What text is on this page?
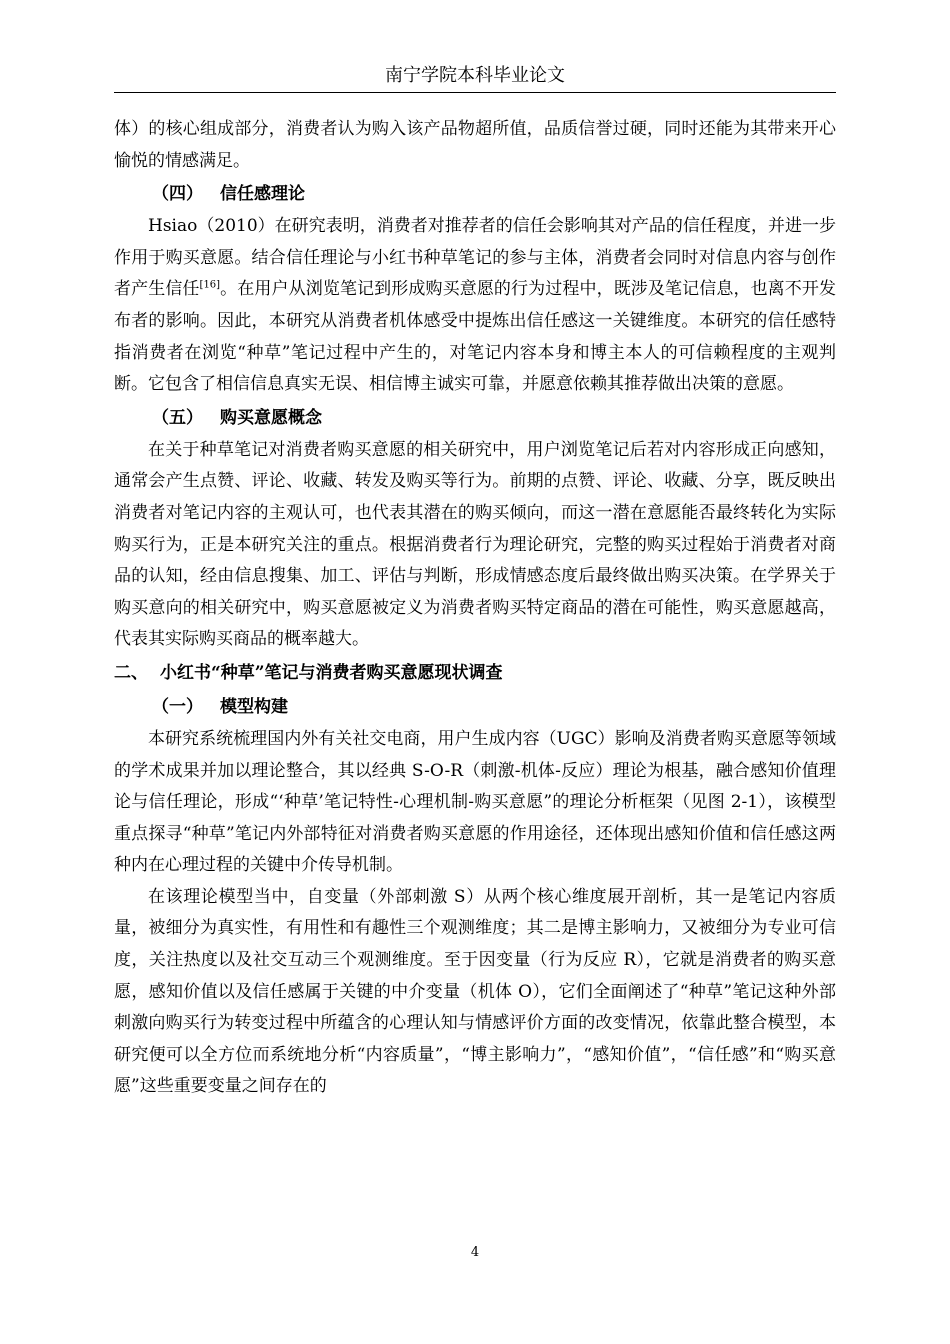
南宁学院本科毕业论文

体）的核心组成部分，消费者认为购入该产品物超所值，品质信誉过硬，同时还能为其带来开心愉悦的情感满足。

（四） 信任感理论

Hsiao（2010）在研究表明，消费者对推荐者的信任会影响其对产品的信任程度，并进一步作用于购买意愿。结合信任理论与小红书种草笔记的参与主体，消费者会同时对信息内容与创作者产生信任[16]。在用户从浏览笔记到形成购买意愿的行为过程中，既涉及笔记信息，也离不开发布者的影响。因此，本研究从消费者机体感受中提炼出信任感这一关键维度。本研究的信任感特指消费者在浏览“种草”笔记过程中产生的，对笔记内容本身和博主本人的可信赖程度的主观判断。它包含了相信信息真实无误、相信博主诚实可靠，并愿意依赖其推荐做出决策的意愿。

（五） 购买意愿概念

在关于种草笔记对消费者购买意愿的相关研究中，用户浏览笔记后若对内容形成正向感知，通常会产生点赞、评论、收藏、转发及购买等行为。前期的点赞、评论、收藏、分享，既反映出消费者对笔记内容的主观认可，也代表其潜在的购买倾向，而这一潜在意愿能否最终转化为实际购买行为，正是本研究关注的重点。根据消费者行为理论研究，完整的购买过程始于消费者对商品的认知，经由信息搜集、加工、评估与判断，形成情感态度后最终做出购买决策。在学界关于购买意向的相关研究中，购买意愿被定义为消费者购买特定商品的潜在可能性，购买意愿越高，代表其实际购买商品的概率越大。

二、 小红书“种草”笔记与消费者购买意愿现状调查
（一） 模型构建

本研究系统梳理国内外有关社交电商，用户生成内容（UGC）影响及消费者购买意愿等领域的学术成果并加以理论整合，其以经典 S-O-R（刺激-机体-反应）理论为根基，融合感知价值理论与信任理论，形成“‘种草’笔记特性-心理机制-购买意愿”的理论分析框架（见图 2-1），该模型重点探寻“种草”笔记内外部特征对消费者购买意愿的作用途径，还体现出感知价值和信任感这两种内在心理过程的关键中介传导机制。

在该理论模型当中，自变量（外部刺激 S）从两个核心维度展开剖析，其一是笔记内容质量，被细分为真实性，有用性和有趣性三个观测维度；其二是博主影响力，又被细分为专业可信度，关注热度以及社交互动三个观测维度。至于因变量（行为反应 R），它就是消费者的购买意愿，感知价值以及信任感属于关键的中介变量（机体 O），它们全面阐述了“种草”笔记这种外部刺激向购买行为转变过程中所蕴含的心理认知与情感评价方面的改变情况，依靠此整合模型，本研究便可以全方位而系统地分析“内容质量”，“博主影响力”，“感知价值”，“信任感”和“购买意愿”这些重要变量之间存在的

4
